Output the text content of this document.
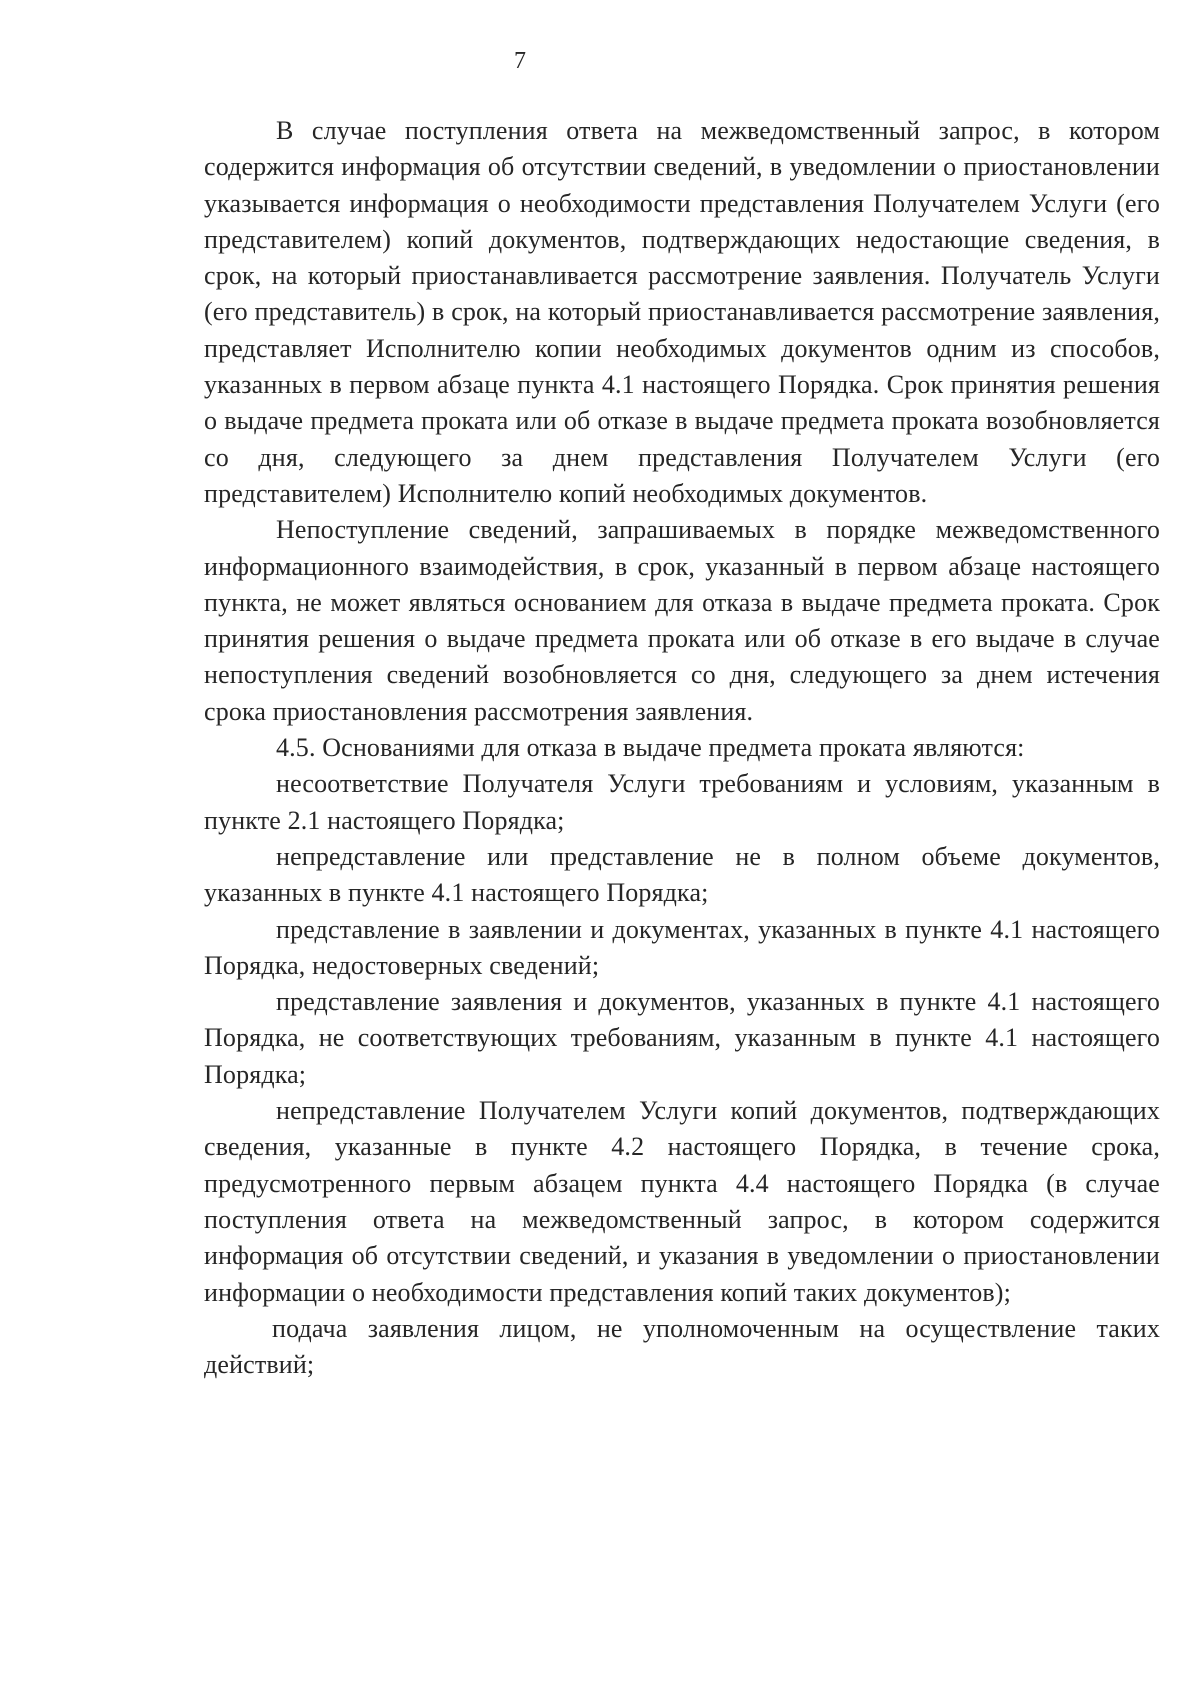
7

В случае поступления ответа на межведомственный запрос, в котором содержится информация об отсутствии сведений, в уведомлении о приостановлении указывается информация о необходимости представления Получателем Услуги (его представителем) копий документов, подтверждающих недостающие сведения, в срок, на который приостанавливается рассмотрение заявления. Получатель Услуги (его представитель) в срок, на который приостанавливается рассмотрение заявления, представляет Исполнителю копии необходимых документов одним из способов, указанных в первом абзаце пункта 4.1 настоящего Порядка. Срок принятия решения о выдаче предмета проката или об отказе в выдаче предмета проката возобновляется со дня, следующего за днем представления Получателем Услуги (его представителем) Исполнителю копий необходимых документов.

Непоступление сведений, запрашиваемых в порядке межведомственного информационного взаимодействия, в срок, указанный в первом абзаце настоящего пункта, не может являться основанием для отказа в выдаче предмета проката. Срок принятия решения о выдаче предмета проката или об отказе в его выдаче в случае непоступления сведений возобновляется со дня, следующего за днем истечения срока приостановления рассмотрения заявления.

4.5. Основаниями для отказа в выдаче предмета проката являются:

несоответствие Получателя Услуги требованиям и условиям, указанным в пункте 2.1 настоящего Порядка;

непредставление или представление не в полном объеме документов, указанных в пункте 4.1 настоящего Порядка;

представление в заявлении и документах, указанных в пункте 4.1 настоящего Порядка, недостоверных сведений;

представление заявления и документов, указанных в пункте 4.1 настоящего Порядка, не соответствующих требованиям, указанным в пункте 4.1 настоящего Порядка;

непредставление Получателем Услуги копий документов, подтверждающих сведения, указанные в пункте 4.2 настоящего Порядка, в течение срока, предусмотренного первым абзацем пункта 4.4 настоящего Порядка (в случае поступления ответа на межведомственный запрос, в котором содержится информация об отсутствии сведений, и указания в уведомлении о приостановлении информации о необходимости представления копий таких документов);

подача заявления лицом, не уполномоченным на осуществление таких действий;
